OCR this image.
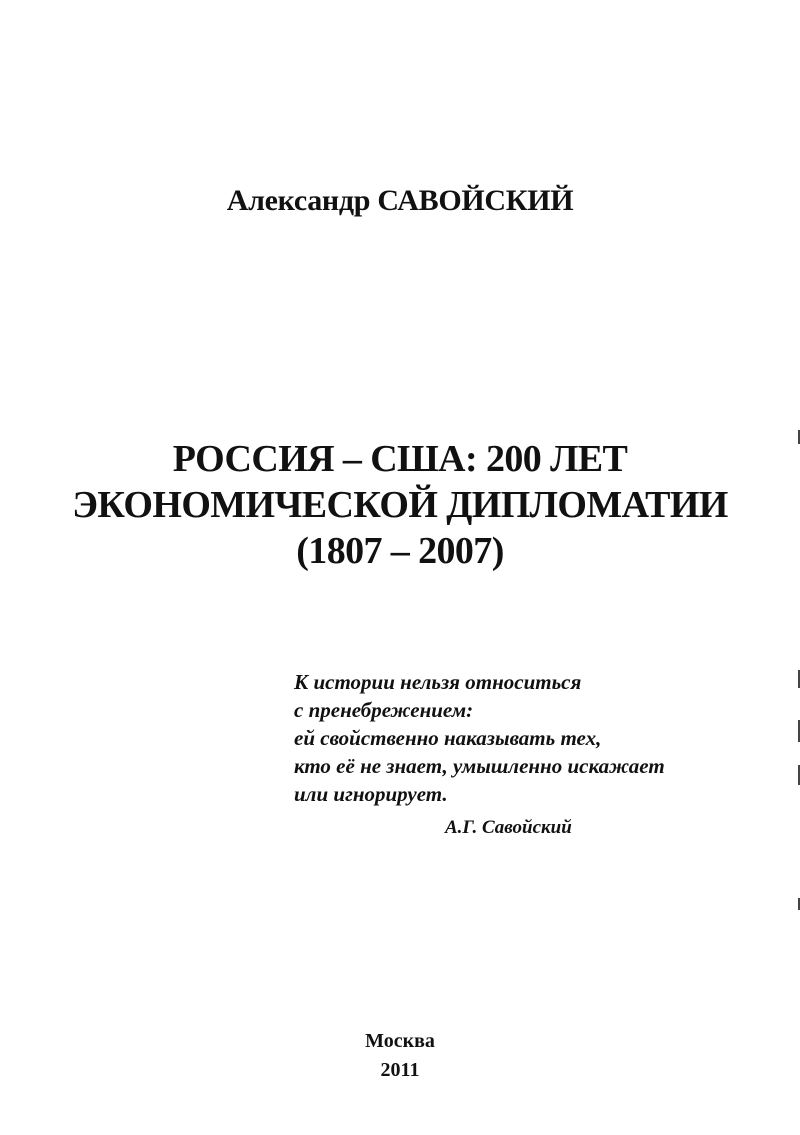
Александр САВОЙСКИЙ
РОССИЯ – США: 200 ЛЕТ
ЭКОНОМИЧЕСКОЙ ДИПЛОМАТИИ
(1807 – 2007)
К истории нельзя относиться
с пренебрежением:
ей свойственно наказывать тех,
кто её не знает, умышленно искажает
или игнорирует.
А.Г. Савойский
Москва
2011
